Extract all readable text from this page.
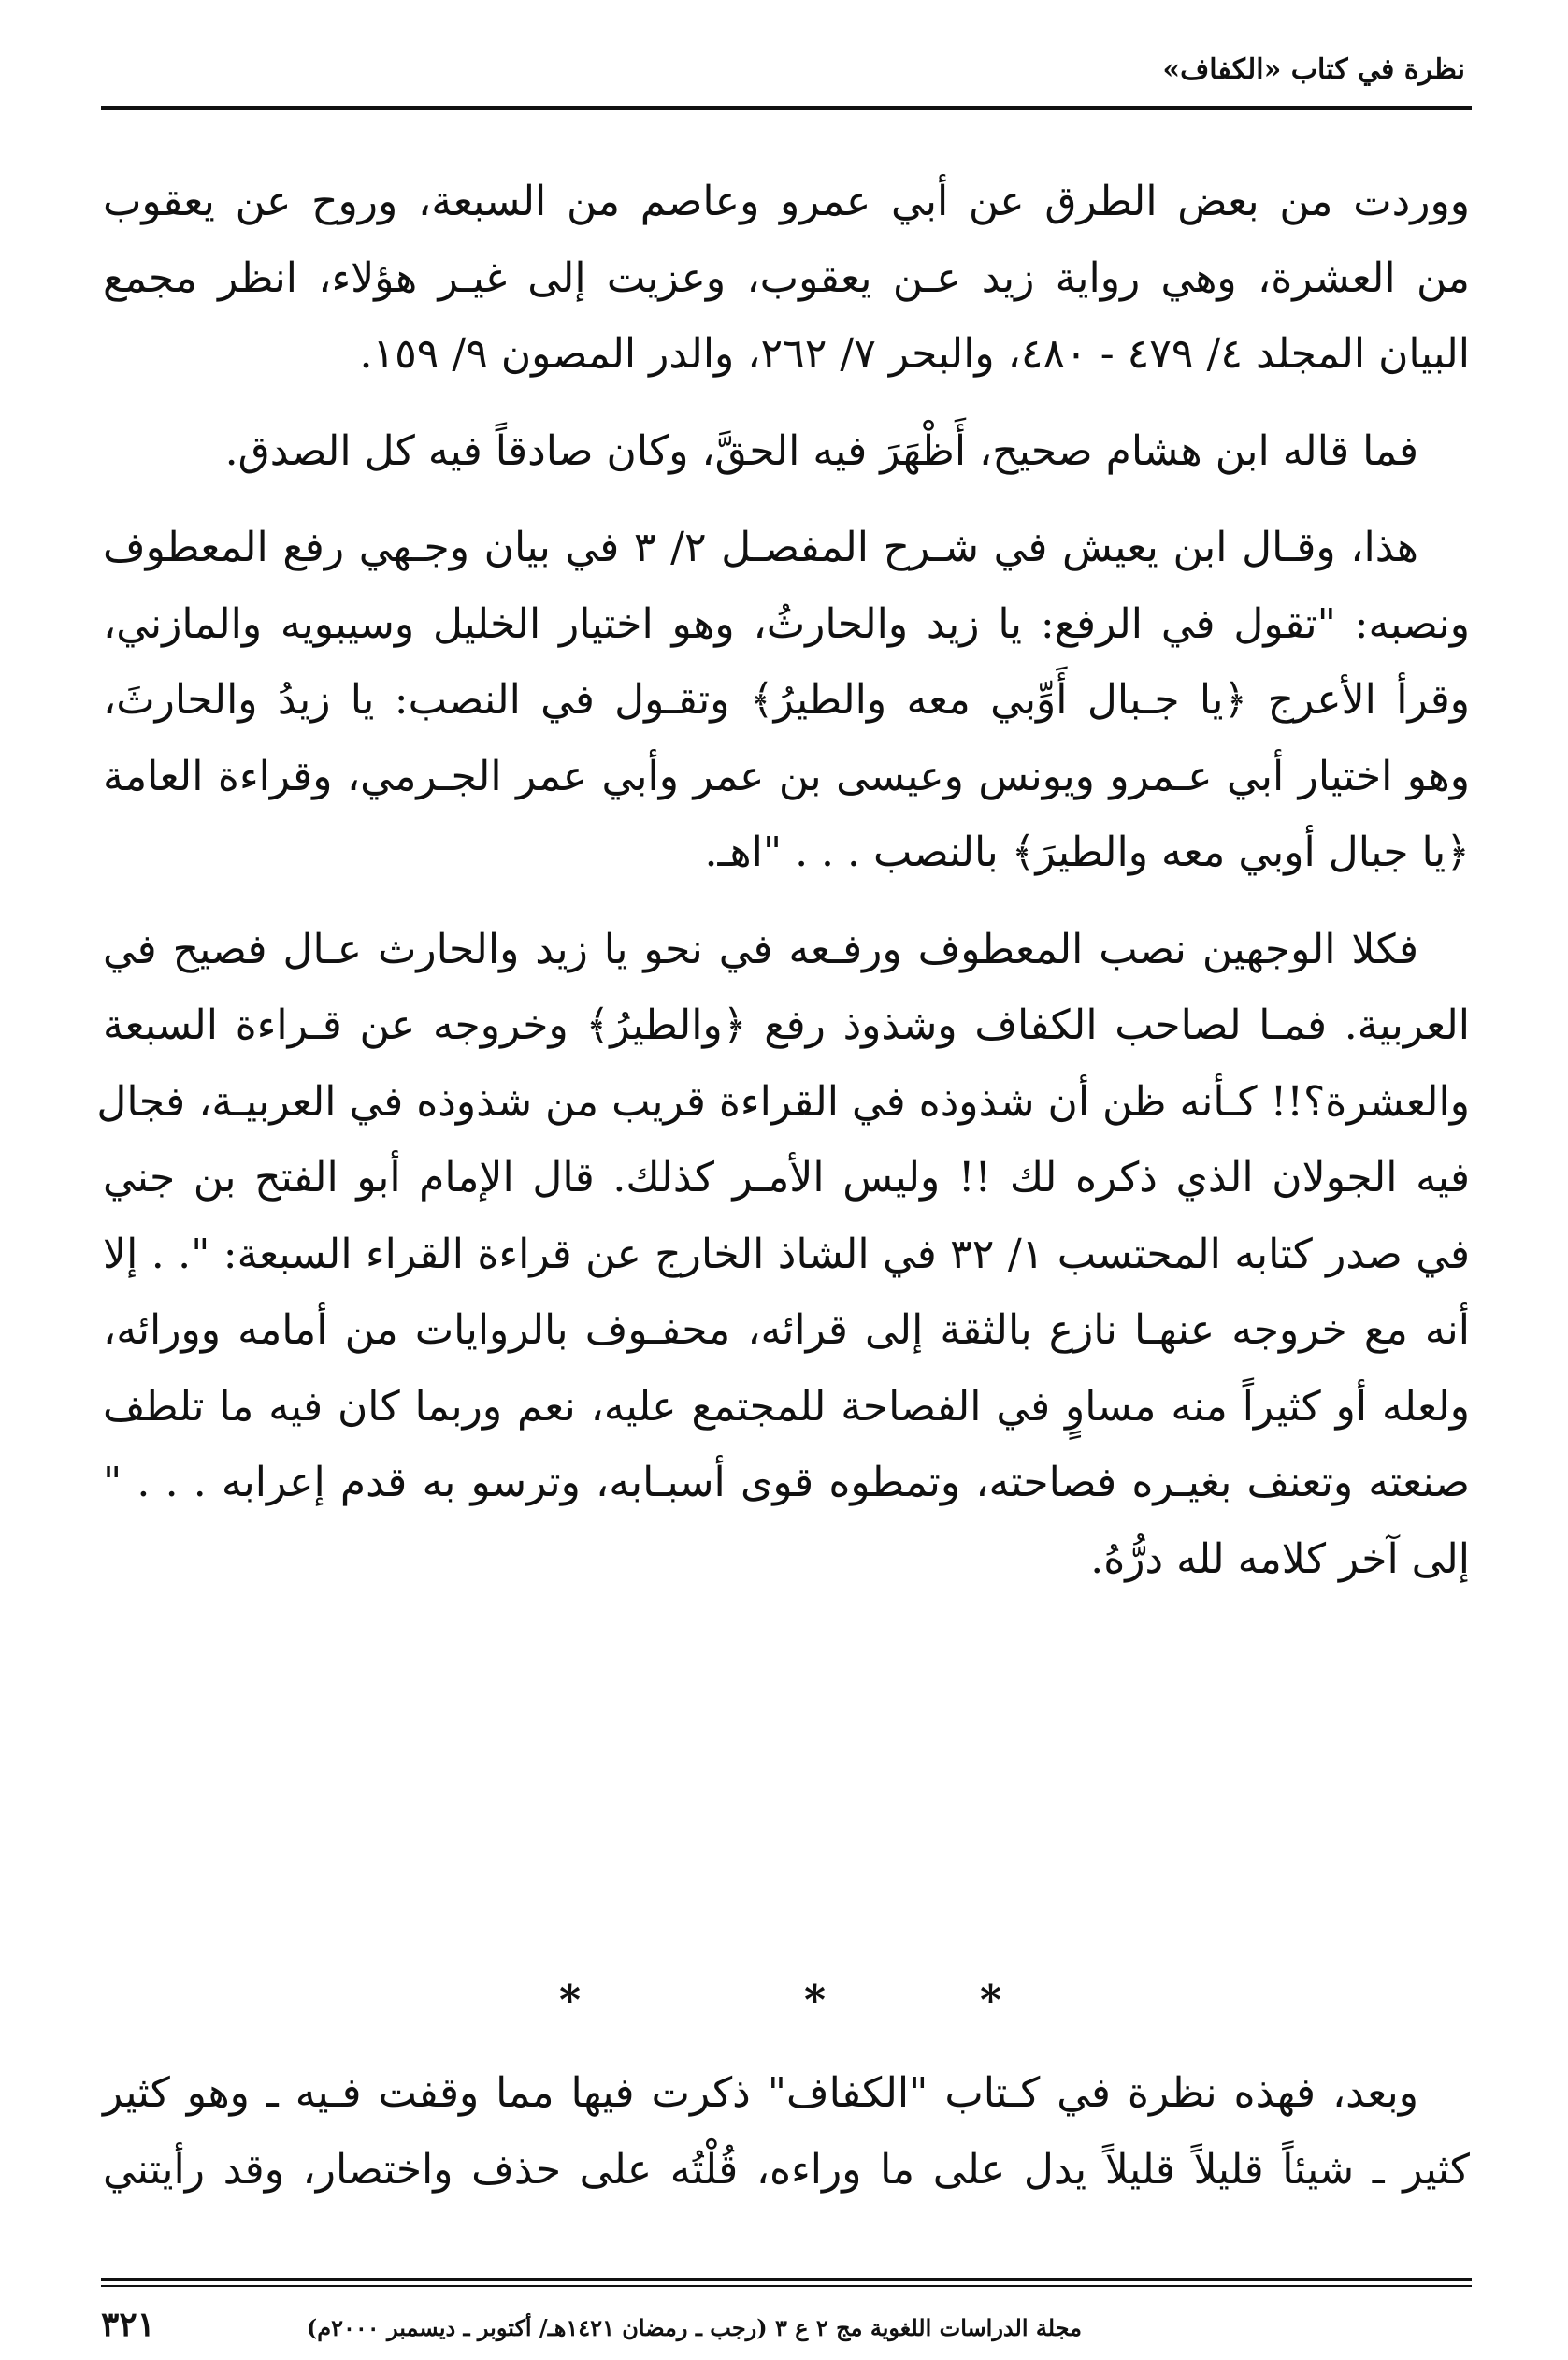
نظرة في كتاب «الكفاف»
ووردت من بعض الطرق عن أبي عمرو وعاصم من السبعة، وروح عن يعقوب
من العشرة، وهي رواية زيد عـن يعقوب، وعزيت إلى غيـر هؤلاء، انظر مجمع
البيان المجلد ٤/ ٤٧٩ - ٤٨٠، والبحر ٧/ ٢٦٢، والدر المصون ٩/ ١٥٩.
فما قاله ابن هشام صحيح، أَظْهَرَ فيه الحقَّ، وكان صادقاً فيه كل الصدق.
هذا، وقـال ابن يعيش في شـرح المفصـل ٢/ ٣ في بيان وجـهي رفع المعطوف
ونصبه: "تقول في الرفع: يا زيد والحارثُ، وهو اختيار الخليل وسيبويه والمازني،
وقرأ الأعرج ﴿يا جـبال أَوِّبي معه والطيرُ﴾ وتقـول في النصب: يا زيدُ والحارثَ،
وهو اختيار أبي عـمرو ويونس وعيسى بن عمر وأبي عمر الجـرمي، وقراءة العامة
﴿يا جبال أوبي معه والطيرَ﴾ بالنصب . . . "اهـ.
فكلا الوجهين نصب المعطوف ورفـعه في نحو يا زيد والحارث عـال فصيح في
العربية. فمـا لصاحب الكفاف وشذوذ رفع ﴿والطيرُ﴾ وخروجه عن قـراءة السبعة
والعشرة؟!! كـأنه ظن أن شذوذه في القراءة قريب من شذوذه في العربيـة، فجال
فيه الجولان الذي ذكره لك !! وليس الأمـر كذلك. قال الإمام أبو الفتح بن جني
في صدر كتابه المحتسب ١/ ٣٢ في الشاذ الخارج عن قراءة القراء السبعة: ". . إلا
أنه مع خروجه عنهـا نازع بالثقة إلى قرائه، محفـوف بالروايات من أمامه وورائه،
ولعله أو كثيراً منه مساوٍ في الفصاحة للمجتمع عليه، نعم وربما كان فيه ما تلطف
صنعته وتعنف بغيـره فصاحته، وتمطوه قوى أسبـابه، وترسو به قدم إعرابه . . . "
إلى آخر كلامه لله درُّهُ.
*	*	*
وبعد، فهذه نظرة في كـتاب "الكفاف" ذكرت فيها مما وقفت فـيه ـ وهو كثير
كثير ـ شيئاً قليلاً قليلاً يدل على ما وراءه، قُلْتُه على حذف واختصار، وقد رأيتني
مجلة الدراسات اللغوية مج ٢ ع ٣ (رجب ـ رمضان ١٤٢١هـ/ أكتوبر ـ ديسمبر ٢٠٠٠م)
٣٢١
